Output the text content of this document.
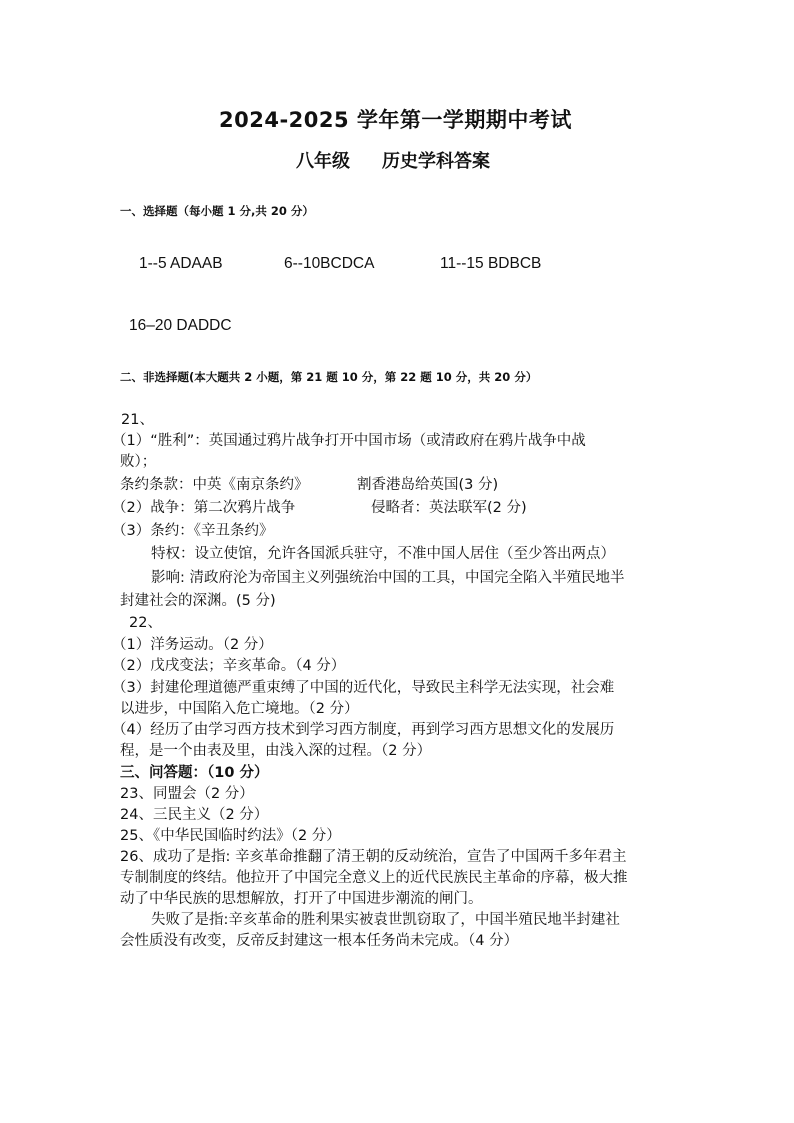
2024-2025 学年第一学期期中考试
八年级 历史学科答案
一、选择题（每小题 1 分,共 20 分）
1--5 ADAAB	6--10BCDCA	11--15 BDBCB
16–20 DADDC
二、非选择题(本大题共 2 小题，第 21 题 10 分，第 22 题 10 分，共 20 分）
21、
（1）“胜利”：英国通过鸦片战争打开中国市场（或清政府在鸦片战争中战
败）；
条约条款：中英《南京条约》	割香港岛给英国(3 分)
（2）战争：第二次鸦片战争	侵略者：英法联军(2 分)
（3）条约：《辛丑条约》
特权：设立使馆，允许各国派兵驻守，不准中国人居住（至少答出两点）
影响: 清政府沦为帝国主义列强统治中国的工具，中国完全陷入半殖民地半
封建社会的深渊。(5 分)
22、
（1）洋务运动。（2 分）
（2）戊戌变法；辛亥革命。（4 分）
（3）封建伦理道德严重束缚了中国的近代化，导致民主科学无法实现，社会难
以进步，中国陷入危亡境地。（2 分）
（4）经历了由学习西方技术到学习西方制度，再到学习西方思想文化的发展历
程，是一个由表及里，由浅入深的过程。（2 分）
三、问答题：（10 分）
23、同盟会（2 分）
24、三民主义（2 分）
25、《中华民国临时约法》（2 分）
26、成功了是指: 辛亥革命推翻了清王朝的反动统治，宣告了中国两千多年君主
专制制度的终结。他拉开了中国完全意义上的近代民族民主革命的序幕，极大推
动了中华民族的思想解放，打开了中国进步潮流的闸门。
失败了是指:辛亥革命的胜利果实被袁世凯窃取了，中国半殖民地半封建社
会性质没有改变，反帝反封建这一根本任务尚未完成。（4 分）
